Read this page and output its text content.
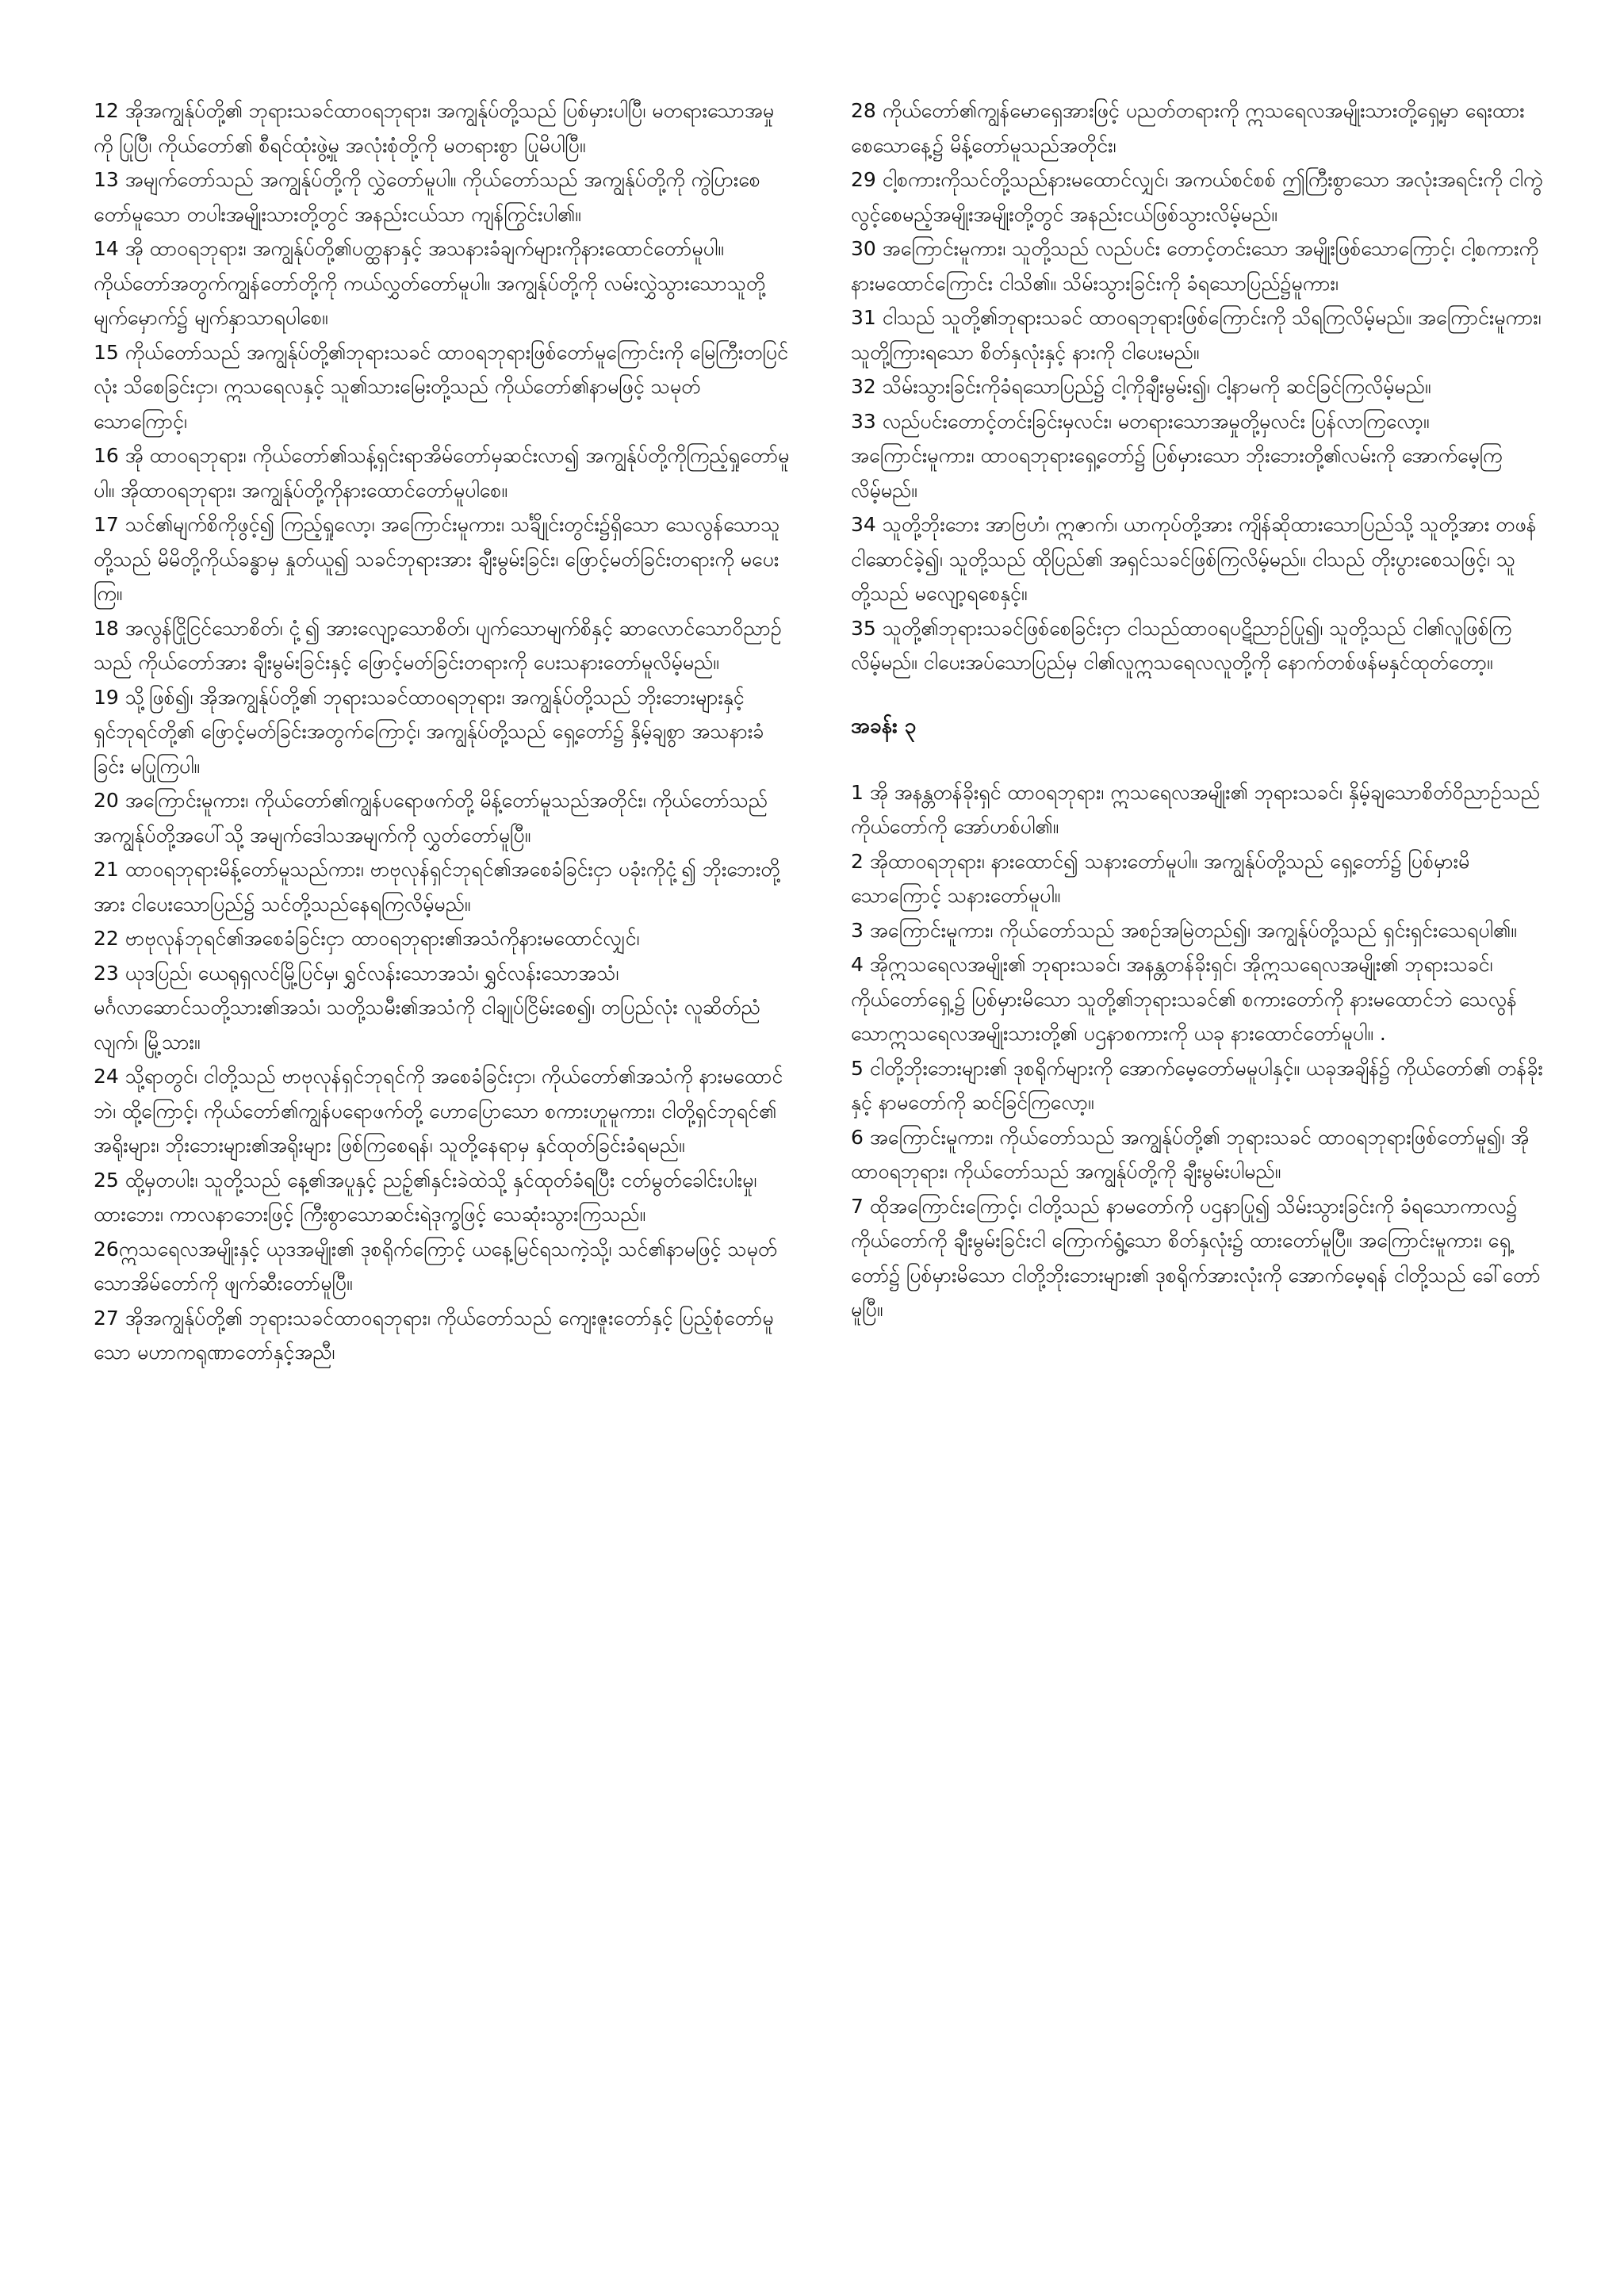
12 အိုအကျွန်ုပ်တို့၏ ဘုရားသခင်ထာဝရဘုရား၊ အကျွန်ုပ်တို့သည် ပြစ်မှားပါပြီ၊ မတရားသောအမှုကို ပြုပြီ၊ ကိုယ်တော်၏ စီရင်ထုံးဖွဲ့မှု အလုံးစုံတို့ကို မတရားစွာ ပြုမိပါပြီ။

13 အမျက်တော်သည် အကျွန်ုပ်တို့ကို လွှဲတော်မူပါ။ ကိုယ်တော်သည် အကျွန်ုပ်တို့ကို ကွဲပြားစေတော်မူသော တပါးအမျိုးသားတို့တွင် အနည်းငယ်သာ ကျန်ကြွင်းပါ၏။

14 အို ထာဝရဘုရား၊ အကျွန်ုပ်တို့၏ပတ္ထနာနှင့် အသနားခံချက်များကိုနားထောင်တော်မူပါ။ ကိုယ်တော်အတွက်ကျွန်တော်တို့ကို ကယ်လွှတ်တော်မူပါ။ အကျွန်ုပ်တို့ကို လမ်းလွှဲသွားသောသူတို့မျက်မှောက်၌ မျက်နှာသာရပါစေ။

15 ကိုယ်တော်သည် အကျွန်ုပ်တို့၏ဘုရားသခင် ထာဝရဘုရားဖြစ်တော်မူကြောင်းကို မြေကြီးတပြင်လုံး သိစေခြင်းငှာ၊ ဣသရေလနှင့် သူ၏သားမြေးတို့သည် ကိုယ်တော်၏နာမဖြင့် သမုတ်သောကြောင့်၊

16 အို ထာဝရဘုရား၊ ကိုယ်တော်၏သန့်ရှင်းရာအိမ်တော်မှဆင်းလာ၍ အကျွန်ုပ်တို့ကိုကြည့်ရှုတော်မူပါ။ အိုထာဝရဘုရား၊ အကျွန်ုပ်တို့ကိုနားထောင်တော်မူပါစေ။

17 သင်၏မျက်စိကိုဖွင့်၍ ကြည့်ရှုလော့၊ အကြောင်းမူကား၊ သင်္ချိုင်းတွင်း၌ရှိသော သေလွန်သောသူတို့သည် မိမိတို့ကိုယ်ခန္ဓာမှ နှုတ်ယူ၍ သခင်ဘုရားအား ချီးမွမ်းခြင်း၊ ဖြောင့်မတ်ခြင်းတရားကို မပေးကြ။

18 အလွန်ငြိုငြင်သောစိတ်၊ ငုံ့၍ အားလျော့သောစိတ်၊ ပျက်သောမျက်စိနှင့် ဆာလောင်သောဝိညာဉ်သည် ကိုယ်တော်အား ချီးမွမ်းခြင်းနှင့် ဖြောင့်မတ်ခြင်းတရားကို ပေးသနားတော်မူလိမ့်မည်။

19 သို့ဖြစ်၍၊ အိုအကျွန်ုပ်တို့၏ ဘုရားသခင်ထာဝရဘုရား၊ အကျွန်ုပ်တို့သည် ဘိုးဘေးများနှင့် ရှင်ဘုရင်တို့၏ ဖြောင့်မတ်ခြင်းအတွက်ကြောင့်၊ အကျွန်ုပ်တို့သည် ရှေ့တော်၌ နှိမ့်ချစွာ အသနားခံခြင်း မပြုကြပါ။

20 အကြောင်းမူကား၊ ကိုယ်တော်၏ကျွန်ပရောဖက်တို့ မိန့်တော်မူသည်အတိုင်း၊ ကိုယ်တော်သည် အကျွန်ုပ်တို့အပေါ်သို့ အမျက်ဒေါသအမျက်ကို လွှတ်တော်မူပြီ။

21 ထာဝရဘုရားမိန့်တော်မူသည်ကား၊ ဗာဗုလုန်ရှင်ဘုရင်၏အစေခံခြင်းငှာ ပခုံးကိုငုံ့၍ ဘိုးဘေးတို့အား ငါပေးသောပြည်၌ သင်တို့သည်နေရကြလိမ့်မည်။

22 ဗာဗုလုန်ဘုရင်၏အစေခံခြင်းငှာ ထာဝရဘုရား၏အသံကိုနားမထောင်လျှင်၊

23 ယုဒပြည်၊ ယေရုရှလင်မြို့ပြင်မှ၊ ရွှင်လန်းသောအသံ၊ ရွှင်လန်းသောအသံ၊ မင်္ဂလာဆောင်သတို့သား၏အသံ၊ သတို့သမီး၏အသံကို ငါချုပ်ငြိမ်းစေ၍၊ တပြည်လုံး လူဆိတ်ညံလျက်၊ မြို့သား။

24 သို့ရာတွင်၊ ငါတို့သည် ဗာဗုလုန်ရှင်ဘုရင်ကို အစေခံခြင်းငှာ၊ ကိုယ်တော်၏အသံကို နားမထောင်ဘဲ၊ ထို့ကြောင့်၊ ကိုယ်တော်၏ကျွန်ပရောဖက်တို့ ဟောပြောသော စကားဟူမူကား၊ ငါတို့ရှင်ဘုရင်၏ အရိုးများ၊ ဘိုးဘေးများ၏အရိုးများ ဖြစ်ကြစေရန်၊ သူတို့နေရာမှ နှင်ထုတ်ခြင်းခံရမည်။

25 ထို့မှတပါး၊ သူတို့သည် နေ့၏အပူနှင့် ညဉ့်၏နှင်းခဲထဲသို့ နှင်ထုတ်ခံရပြီး ငတ်မွတ်ခေါင်းပါးမှု၊ ထားဘေး၊ ကာလနာဘေးဖြင့် ကြီးစွာသောဆင်းရဲဒုက္ခဖြင့် သေဆုံးသွားကြသည်။

26ဣသရေလအမျိုးနှင့် ယုဒအမျိုး၏ ဒုစရိုက်ကြောင့် ယနေ့မြင်ရသကဲ့သို့၊ သင်၏နာမဖြင့် သမုတ်သောအိမ်တော်ကို ဖျက်ဆီးတော်မူပြီ။

27 အိုအကျွန်ုပ်တို့၏ ဘုရားသခင်ထာဝရဘုရား၊ ကိုယ်တော်သည် ကျေးဇူးတော်နှင့် ပြည့်စုံတော်မူသော မဟာကရုဏာတော်နှင့်အညီ၊

28 ကိုယ်တော်၏ကျွန်မောရှေအားဖြင့် ပညတ်တရားကို ဣသရေလအမျိုးသားတို့ရှေ့မှာ ရေးထားစေသောနေ့၌ မိန့်တော်မူသည်အတိုင်း၊

29 ငါ့စကားကိုသင်တို့သည်နားမထောင်လျှင်၊ အကယ်စင်စစ် ဤကြီးစွာသော အလုံးအရင်းကို ငါကွဲလွင့်စေမည့်အမျိုးအမျိုးတို့တွင် အနည်းငယ်ဖြစ်သွားလိမ့်မည်။

30 အကြောင်းမူကား၊ သူတို့သည် လည်ပင်း တောင့်တင်းသော အမျိုးဖြစ်သောကြောင့်၊ ငါ့စကားကို နားမထောင်ကြောင်း ငါသိ၏။ သိမ်းသွားခြင်းကို ခံရသောပြည်၌မူကား၊

31 ငါသည် သူတို့၏ဘုရားသခင် ထာဝရဘုရားဖြစ်ကြောင်းကို သိရကြလိမ့်မည်။ အကြောင်းမူကား၊ သူတို့ကြားရသော စိတ်နှလုံးနှင့် နားကို ငါပေးမည်။

32 သိမ်းသွားခြင်းကိုခံရသောပြည်၌ ငါ့ကိုချီးမွမ်း၍၊ ငါ့နာမကို ဆင်ခြင်ကြလိမ့်မည်။

33 လည်ပင်းတောင့်တင်းခြင်းမှလင်း၊ မတရားသောအမှုတို့မှလင်း ပြန်လာကြလော့။ အကြောင်းမူကား၊ ထာဝရဘုရားရှေ့တော်၌ ပြစ်မှားသော ဘိုးဘေးတို့၏လမ်းကို အောက်မေ့ကြလိမ့်မည်။

34 သူတို့ဘိုးဘေး အာဗြဟံ၊ ဣဇာက်၊ ယာကုပ်တို့အား ကျိန်ဆိုထားသောပြည်သို့ သူတို့အား တဖန်ငါဆောင်ခဲ့၍၊ သူတို့သည် ထိုပြည်၏ အရှင်သခင်ဖြစ်ကြလိမ့်မည်။ ငါသည် တိုးပွားစေသဖြင့်၊ သူတို့သည် မလျော့ရစေနှင့်။

35 သူတို့၏ဘုရားသခင်ဖြစ်စေခြင်းငှာ ငါသည်ထာဝရပဋိညာဉ်ပြု၍၊ သူတို့သည် ငါ၏လူဖြစ်ကြလိမ့်မည်။ ငါပေးအပ်သောပြည်မှ ငါ၏လူဣသရေလလူတို့ကို နောက်တစ်ဖန်မနှင်ထုတ်တော့။

အခန်း ၃

1 အို အနန္တတန်ခိုးရှင် ထာဝရဘုရား၊ ဣသရေလအမျိုး၏ ဘုရားသခင်၊ နှိမ့်ချသောစိတ်ဝိညာဉ်သည် ကိုယ်တော်ကို အော်ဟစ်ပါ၏။

2 အိုထာဝရဘုရား၊ နားထောင်၍ သနားတော်မူပါ။ အကျွန်ုပ်တို့သည် ရှေ့တော်၌ ပြစ်မှားမိသောကြောင့် သနားတော်မူပါ။

3 အကြောင်းမူကား၊ ကိုယ်တော်သည် အစဉ်အမြဲတည်၍၊ အကျွန်ုပ်တို့သည် ရှင်းရှင်းသေရပါ၏။

4 အိုဣသရေလအမျိုး၏ ဘုရားသခင်၊ အနန္တတန်ခိုးရှင်၊ အိုဣသရေလအမျိုး၏ ဘုရားသခင်၊ ကိုယ်တော်ရှေ့၌ ပြစ်မှားမိသော သူတို့၏ဘုရားသခင်၏ စကားတော်ကို နားမထောင်ဘဲ သေလွန်သောဣသရေလအမျိုးသားတို့၏ ပဌနာစကားကို ယခု နားထောင်တော်မူပါ။ .

5 ငါတို့ဘိုးဘေးများ၏ ဒုစရိုက်များကို အောက်မေ့တော်မမူပါနှင့်။ ယခုအချိန်၌ ကိုယ်တော်၏ တန်ခိုးနှင့် နာမတော်ကို ဆင်ခြင်ကြလော့။

6 အကြောင်းမူကား၊ ကိုယ်တော်သည် အကျွန်ုပ်တို့၏ ဘုရားသခင် ထာဝရဘုရားဖြစ်တော်မူ၍၊ အိုထာဝရဘုရား၊ ကိုယ်တော်သည် အကျွန်ုပ်တို့ကို ချီးမွမ်းပါမည်။

7 ထိုအကြောင်းကြောင့်၊ ငါတို့သည် နာမတော်ကို ပဌနာပြု၍ သိမ်းသွားခြင်းကို ခံရသောကာလ၌ ကိုယ်တော်ကို ချီးမွမ်းခြင်းငါ ကြောက်ရွံ့သော စိတ်နှလုံး၌ ထားတော်မူပြီ။ အကြောင်းမူကား၊ ရှေ့တော်၌ ပြစ်မှားမိသော ငါတို့ဘိုးဘေးများ၏ ဒုစရိုက်အားလုံးကို အောက်မေ့ရန် ငါတို့သည် ခေါ်တော်မူပြီ။
